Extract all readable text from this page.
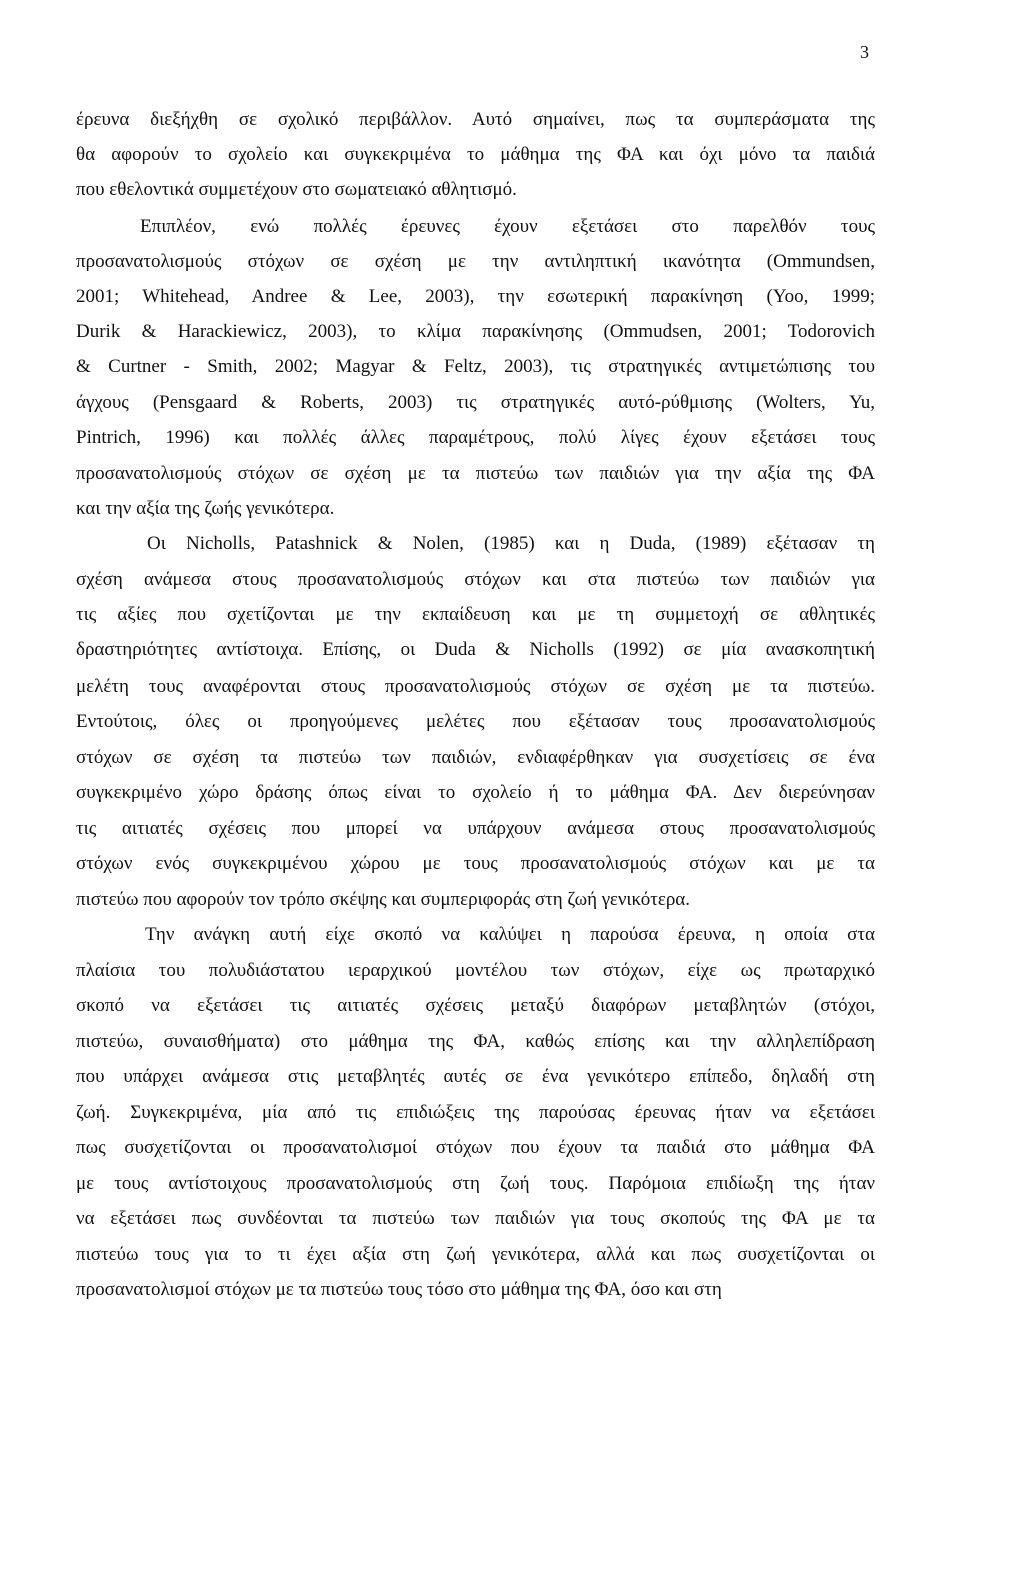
3
έρευνα διεξήχθη σε σχολικό περιβάλλον. Αυτό σημαίνει, πως τα συμπεράσματα της
θα αφορούν το σχολείο και συγκεκριμένα το μάθημα της ΦΑ και όχι μόνο τα παιδιά
που εθελοντικά συμμετέχουν στο σωματειακό αθλητισμό.
Επιπλέον, ενώ πολλές έρευνες έχουν εξετάσει στο παρελθόν τους
προσανατολισμούς στόχων σε σχέση με την αντιληπτική ικανότητα (Ommundsen,
2001; Whitehead, Andree & Lee, 2003), την εσωτερική παρακίνηση (Yoo, 1999;
Durik & Harackiewicz, 2003), το κλίμα παρακίνησης (Ommudsen, 2001; Todorovich
& Curtner - Smith, 2002; Magyar & Feltz, 2003), τις στρατηγικές αντιμετώπισης του
άγχους (Pensgaard & Roberts, 2003) τις στρατηγικές αυτό-ρύθμισης (Wolters, Yu,
Pintrich, 1996) και πολλές άλλες παραμέτρους, πολύ λίγες έχουν εξετάσει τους
προσανατολισμούς στόχων σε σχέση με τα πιστεύω των παιδιών για την αξία της ΦΑ
και την αξία της ζωής γενικότερα.
Οι Nicholls, Patashnick & Nolen, (1985) και η Duda, (1989) εξέτασαν τη
σχέση ανάμεσα στους προσανατολισμούς στόχων και στα πιστεύω των παιδιών για
τις αξίες που σχετίζονται με την εκπαίδευση και με τη συμμετοχή σε αθλητικές
δραστηριότητες αντίστοιχα. Επίσης, οι Duda & Nicholls (1992) σε μία ανασκοπητική
μελέτη τους αναφέρονται στους προσανατολισμούς στόχων σε σχέση με τα πιστεύω.
Εντούτοις, όλες οι προηγούμενες μελέτες που εξέτασαν τους προσανατολισμούς
στόχων σε σχέση τα πιστεύω των παιδιών, ενδιαφέρθηκαν για συσχετίσεις σε ένα
συγκεκριμένο χώρο δράσης όπως είναι το σχολείο ή το μάθημα ΦΑ. Δεν διερεύνησαν
τις αιτιατές σχέσεις που μπορεί να υπάρχουν ανάμεσα στους προσανατολισμούς
στόχων ενός συγκεκριμένου χώρου με τους προσανατολισμούς στόχων και με τα
πιστεύω που αφορούν τον τρόπο σκέψης και συμπεριφοράς στη ζωή γενικότερα.
Την ανάγκη αυτή είχε σκοπό να καλύψει η παρούσα έρευνα, η οποία στα
πλαίσια του πολυδιάστατου ιεραρχικού μοντέλου των στόχων, είχε ως πρωταρχικό
σκοπό να εξετάσει τις αιτιατές σχέσεις μεταξύ διαφόρων μεταβλητών (στόχοι,
πιστεύω, συναισθήματα) στο μάθημα της ΦΑ, καθώς επίσης και την αλληλεπίδραση
που υπάρχει ανάμεσα στις μεταβλητές αυτές σε ένα γενικότερο επίπεδο, δηλαδή στη
ζωή. Συγκεκριμένα, μία από τις επιδιώξεις της παρούσας έρευνας ήταν να εξετάσει
πως συσχετίζονται οι προσανατολισμοί στόχων που έχουν τα παιδιά στο μάθημα ΦΑ
με τους αντίστοιχους προσανατολισμούς στη ζωή τους. Παρόμοια επιδίωξη της ήταν
να εξετάσει πως συνδέονται τα πιστεύω των παιδιών για τους σκοπούς της ΦΑ με τα
πιστεύω τους για το τι έχει αξία στη ζωή γενικότερα, αλλά και πως συσχετίζονται οι
προσανατολισμοί στόχων με τα πιστεύω τους τόσο στο μάθημα της ΦΑ, όσο και στη
